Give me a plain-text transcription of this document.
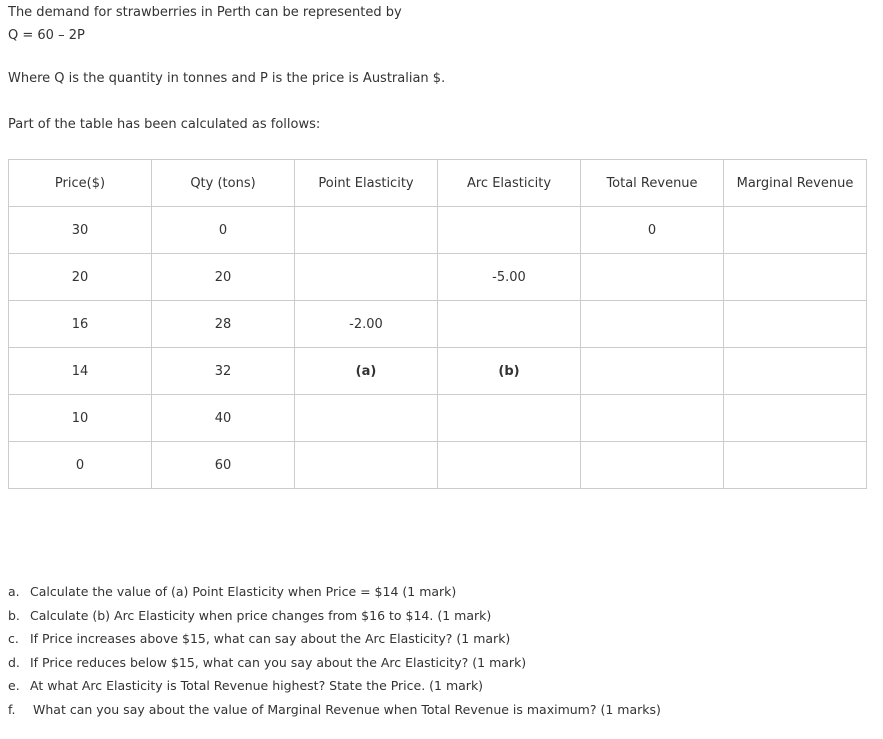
The demand for strawberries in Perth can be represented by
Q = 60 – 2P
Where Q is the quantity in tonnes and P is the price is Australian $.
Part of the table has been calculated as follows:
Price($)	Qty (tons)	Point Elasticity	Arc Elasticity	Total Revenue	Marginal Revenue
30	0			0	
20	20		-5.00		
16	28	-2.00			
14	32	(a)	(b)		
10	40				
0	60				
a. Calculate the value of (a) Point Elasticity when Price = $14 (1 mark)
b. Calculate (b) Arc Elasticity when price changes from $16 to $14. (1 mark)
c. If Price increases above $15, what can say about the Arc Elasticity? (1 mark)
d. If Price reduces below $15, what can you say about the Arc Elasticity? (1 mark)
e. At what Arc Elasticity is Total Revenue highest? State the Price. (1 mark)
f. What can you say about the value of Marginal Revenue when Total Revenue is maximum? (1 marks)
